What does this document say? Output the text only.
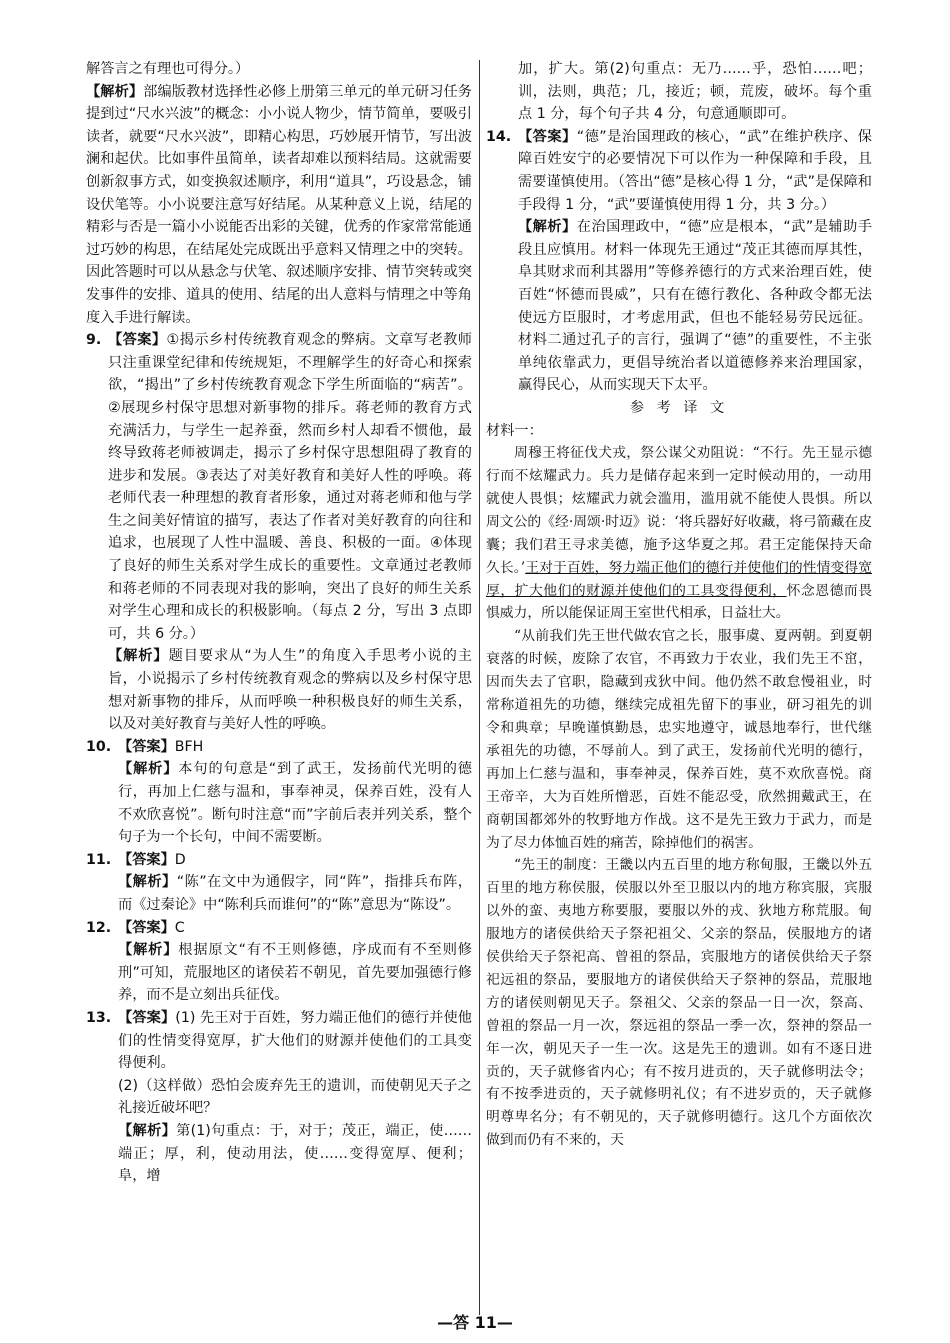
解答言之有理也可得分。）

【解析】部编版教材选择性必修上册第三单元的单元研习任务提到过“尺水兴波”的概念：小小说人物少，情节简单，要吸引读者，就要“尺水兴波”，即精心构思，巧妙展开情节，写出波澜和起伏。比如事件虽简单，读者却难以预料结局。这就需要创新叙事方式，如变换叙述顺序，利用“道具”，巧设悬念，铺设伏笔等。小小说要注意写好结尾。从某种意义上说，结尾的精彩与否是一篇小小说能否出彩的关键，优秀的作家常常能通过巧妙的构思，在结尾处完成既出乎意料又情理之中的突转。因此答题时可以从悬念与伏笔、叙述顺序安排、情节突转或突发事件的安排、道具的使用、结尾的出人意料与情理之中等角度入手进行解读。

9. 【答案】①揭示乡村传统教育观念的弊病。文章写老教师只注重课堂纪律和传统规矩，不理解学生的好奇心和探索欲，“揭出”了乡村传统教育观念下学生所面临的“病苦”。②展现乡村保守思想对新事物的排斥。蒋老师的教育方式充满活力，与学生一起养蚕，然而乡村人却看不惯他，最终导致蒋老师被调走，揭示了乡村保守思想阻碍了教育的进步和发展。③表达了对美好教育和美好人性的呼唤。蒋老师代表一种理想的教育者形象，通过对蒋老师和他与学生之间美好情谊的描写，表达了作者对美好教育的向往和追求，也展现了人性中温暖、善良、积极的一面。④体现了良好的师生关系对学生成长的重要性。文章通过老教师和蒋老师的不同表现对我的影响，突出了良好的师生关系对学生心理和成长的积极影响。（每点 2 分，写出 3 点即可，共 6 分。）

【解析】题目要求从“为人生”的角度入手思考小说的主旨，小说揭示了乡村传统教育观念的弊病以及乡村保守思想对新事物的排斥，从而呼唤一种积极良好的师生关系，以及对美好教育与美好人性的呼唤。

10. 【答案】BFH

【解析】本句的句意是“到了武王，发扬前代光明的德行，再加上仁慈与温和，事奉神灵，保养百姓，没有人不欢欣喜悦”。断句时注意“而”字前后表并列关系，整个句子为一个长句，中间不需要断。

11. 【答案】D

【解析】“陈”在文中为通假字，同“阵”，指排兵布阵，而《过秦论》中“陈利兵而谁何”的“陈”意思为“陈设”。

12. 【答案】C

【解析】根据原文“有不王则修德，序成而有不至则修刑”可知，荒服地区的诸侯若不朝见，首先要加强德行修养，而不是立刻出兵征伐。

13. 【答案】(1) 先王对于百姓，努力端正他们的德行并使他们的性情变得宽厚，扩大他们的财源并使他们的工具变得便利。

(2)（这样做）恐怕会废弃先王的遗训，而使朝见天子之礼接近破坏吧？

【解析】第(1)句重点：于，对于；茂正，端正，使……端正；厚，利，使动用法，使……变得宽厚、便利；阜，增

加，扩大。第(2)句重点：无乃……乎，恐怕……吧；训，法则，典范；几，接近；顿，荒废，破坏。每个重点 1 分，每个句子共 4 分，句意通顺即可。

14. 【答案】“德”是治国理政的核心，“武”在维护秩序、保障百姓安宁的必要情况下可以作为一种保障和手段，且需要谨慎使用。（答出“德”是核心得 1 分，“武”是保障和手段得 1 分，“武”要谨慎使用得 1 分，共 3 分。）

【解析】在治国理政中，“德”应是根本，“武”是辅助手段且应慎用。材料一体现先王通过“茂正其德而厚其性，阜其财求而利其器用”等修养德行的方式来治理百姓，使百姓“怀德而畏威”，只有在德行教化、各种政令都无法使远方臣服时，才考虑用武，但也不能轻易劳民远征。材料二通过孔子的言行，强调了“德”的重要性，不主张单纯依靠武力，更倡导统治者以道德修养来治理国家，赢得民心，从而实现天下太平。

参 考 译 文

材料一：

周穆王将征伐犬戎，祭公谋父劝阻说：“不行。先王显示德行而不炫耀武力。兵力是储存起来到一定时候动用的，一动用就使人畏惧；炫耀武力就会滥用，滥用就不能使人畏惧。所以周文公的《经·周颂·时迈》说：‘将兵器好好收藏，将弓箭藏在皮囊；我们君王寻求美德，施予这华夏之邦。君王定能保持天命久长。’王对于百姓，努力端正他们的德行并使他们的性情变得宽厚，扩大他们的财源并使他们的工具变得便利，怀念恩德而畏惧威力，所以能保证周王室世代相承，日益壮大。

“从前我们先王世代做农官之长，服事虞、夏两朝。到夏朝衰落的时候，废除了农官，不再致力于农业，我们先王不窋，因而失去了官职，隐藏到戎狄中间。他仍然不敢怠慢祖业，时常称道祖先的功德，继续完成祖先留下的事业，研习祖先的训令和典章；早晚谨慎勤恳，忠实地遵守，诚恳地奉行，世代继承祖先的功德，不辱前人。到了武王，发扬前代光明的德行，再加上仁慈与温和，事奉神灵，保养百姓，莫不欢欣喜悦。商王帝辛，大为百姓所憎恶，百姓不能忍受，欣然拥戴武王，在商朝国都郊外的牧野地方作战。这不是先王致力于武力，而是为了尽力体恤百姓的痛苦，除掉他们的祸害。

“先王的制度：王畿以内五百里的地方称甸服，王畿以外五百里的地方称侯服，侯服以外至卫服以内的地方称宾服，宾服以外的蛮、夷地方称要服，要服以外的戎、狄地方称荒服。甸服地方的诸侯供给天子祭祀祖父、父亲的祭品，侯服地方的诸侯供给天子祭祀高、曾祖的祭品，宾服地方的诸侯供给天子祭祀远祖的祭品，要服地方的诸侯供给天子祭神的祭品，荒服地方的诸侯则朝见天子。祭祖父、父亲的祭品一日一次，祭高、曾祖的祭品一月一次，祭远祖的祭品一季一次，祭神的祭品一年一次，朝见天子一生一次。这是先王的遗训。如有不逐日进贡的，天子就修省内心；有不按月进贡的，天子就修明法令；有不按季进贡的，天子就修明礼仪；有不进岁贡的，天子就修明尊卑名分；有不朝见的，天子就修明德行。这几个方面依次做到而仍有不来的，天

—答 11—
